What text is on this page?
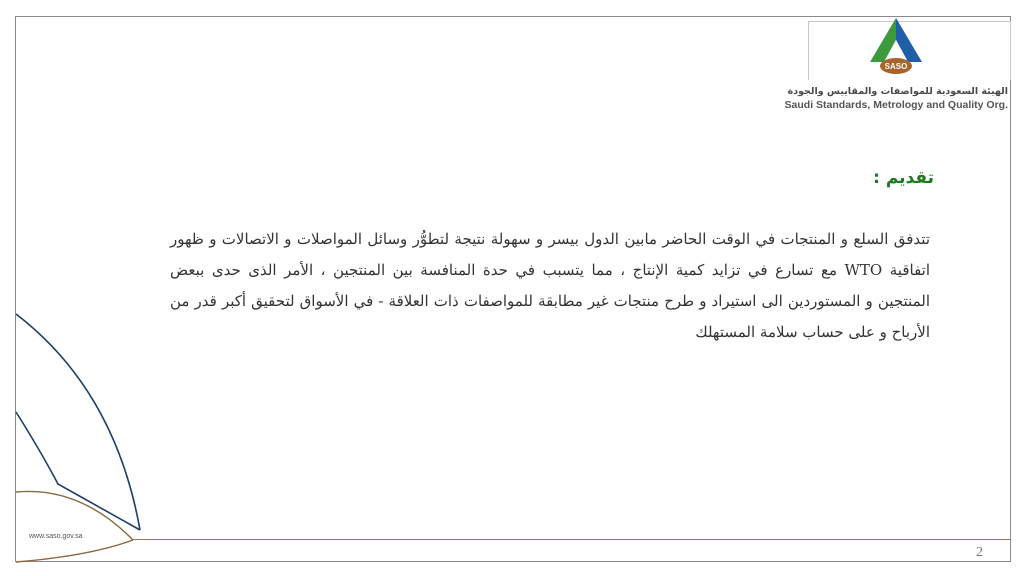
SASO
الهيئة السعودية للمواصفات والمقاييس والجودة
Saudi Standards, Metrology and Quality Org.
تقديم :
تتدفق السلع و المنتجات في الوقت الحاضر مابين الدول بيسر و سهولة نتيجة لتطوُّر وسائل المواصلات و الاتصالات و ظهور اتفاقية WTO مع تسارع في تزايد كمية الإنتاج ، مما يتسبب في حدة المنافسة بين المنتجين ، الأمر الذى حدى ببعض المنتجين و المستوردين الى استيراد و طرح منتجات غير مطابقة للمواصفات ذات العلاقة - في الأسواق لتحقيق أكبر قدر من الأرباح و على حساب سلامة المستهلك
www.saso.gov.sa
2
